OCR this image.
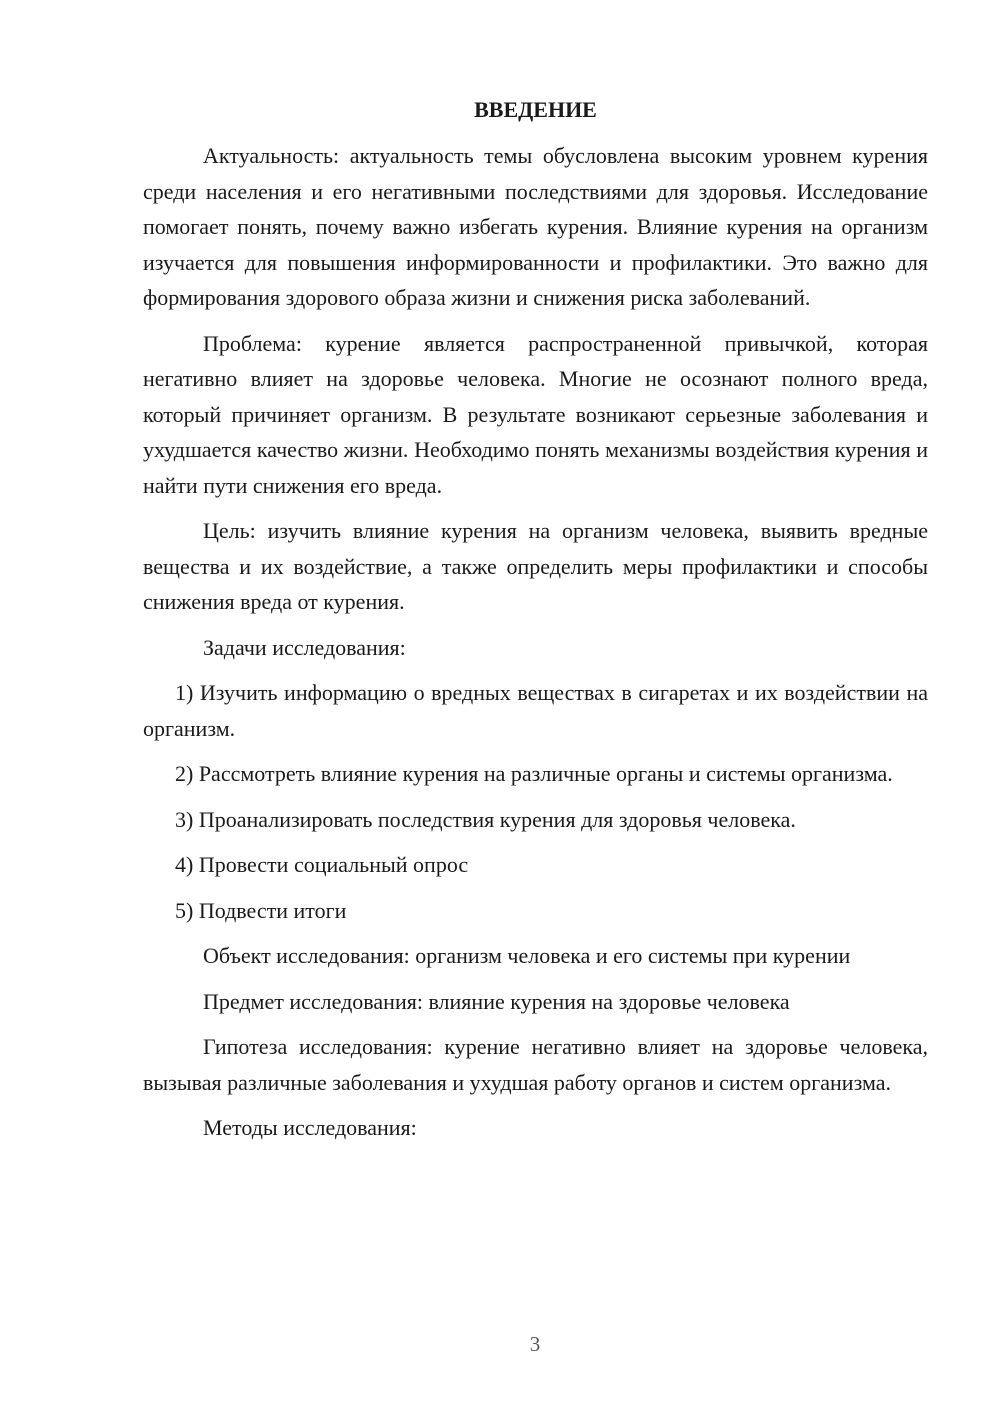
ВВЕДЕНИЕ

Актуальность: актуальность темы обусловлена высоким уровнем курения среди населения и его негативными последствиями для здоровья. Исследование помогает понять, почему важно избегать курения. Влияние курения на организм изучается для повышения информированности и профилактики. Это важно для формирования здорового образа жизни и снижения риска заболеваний.

Проблема: курение является распространенной привычкой, которая негативно влияет на здоровье человека. Многие не осознают полного вреда, который причиняет организм. В результате возникают серьезные заболевания и ухудшается качество жизни. Необходимо понять механизмы воздействия курения и найти пути снижения его вреда.

Цель: изучить влияние курения на организм человека, выявить вредные вещества и их воздействие, а также определить меры профилактики и способы снижения вреда от курения.

Задачи исследования:

1) Изучить информацию о вредных веществах в сигаретах и их воздействии на организм.

2) Рассмотреть влияние курения на различные органы и системы организма.

3) Проанализировать последствия курения для здоровья человека.

4) Провести социальный опрос

5) Подвести итоги

Объект исследования: организм человека и его системы при курении

Предмет исследования: влияние курения на здоровье человека

Гипотеза исследования: курение негативно влияет на здоровье человека, вызывая различные заболевания и ухудшая работу органов и систем организма.

Методы исследования:

3
